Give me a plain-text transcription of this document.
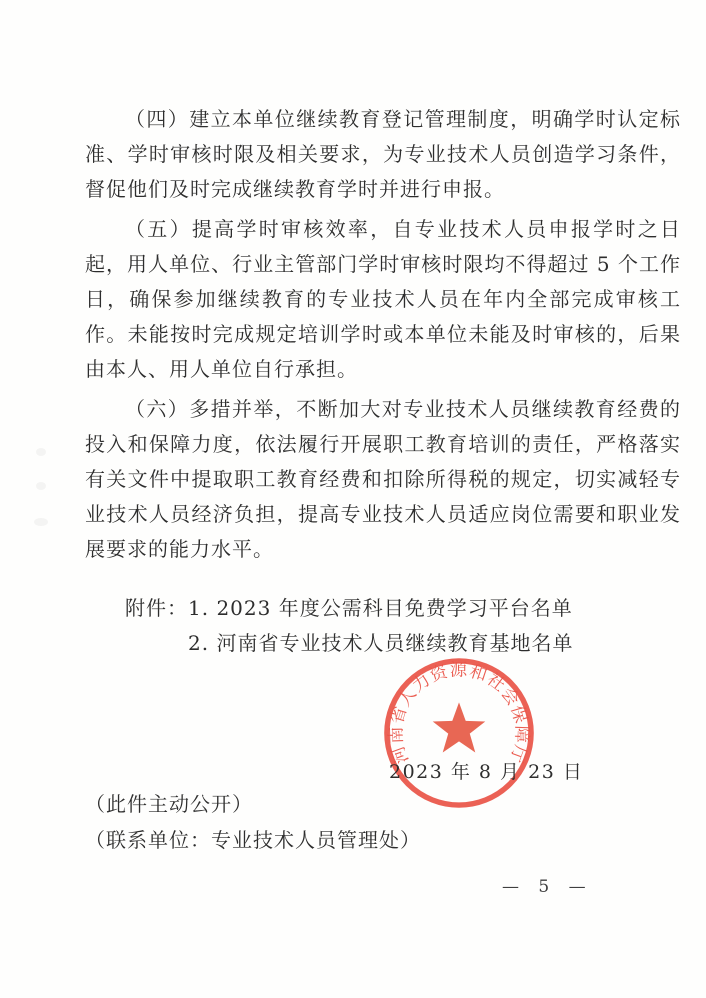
（四）建立本单位继续教育登记管理制度，明确学时认定标准、学时审核时限及相关要求，为专业技术人员创造学习条件，督促他们及时完成继续教育学时并进行申报。

（五）提高学时审核效率，自专业技术人员申报学时之日起，用人单位、行业主管部门学时审核时限均不得超过 5 个工作日，确保参加继续教育的专业技术人员在年内全部完成审核工作。未能按时完成规定培训学时或本单位未能及时审核的，后果由本人、用人单位自行承担。

（六）多措并举，不断加大对专业技术人员继续教育经费的投入和保障力度，依法履行开展职工教育培训的责任，严格落实有关文件中提取职工教育经费和扣除所得税的规定，切实减轻专业技术人员经济负担，提高专业技术人员适应岗位需要和职业发展要求的能力水平。

附件： 1. 2023 年度公需科目免费学习平台名单
2. 河南省专业技术人员继续教育基地名单
河南省人力资源和社会保障厅
2023 年 8 月 23 日
（此件主动公开）
（联系单位：专业技术人员管理处）
— 5 —
